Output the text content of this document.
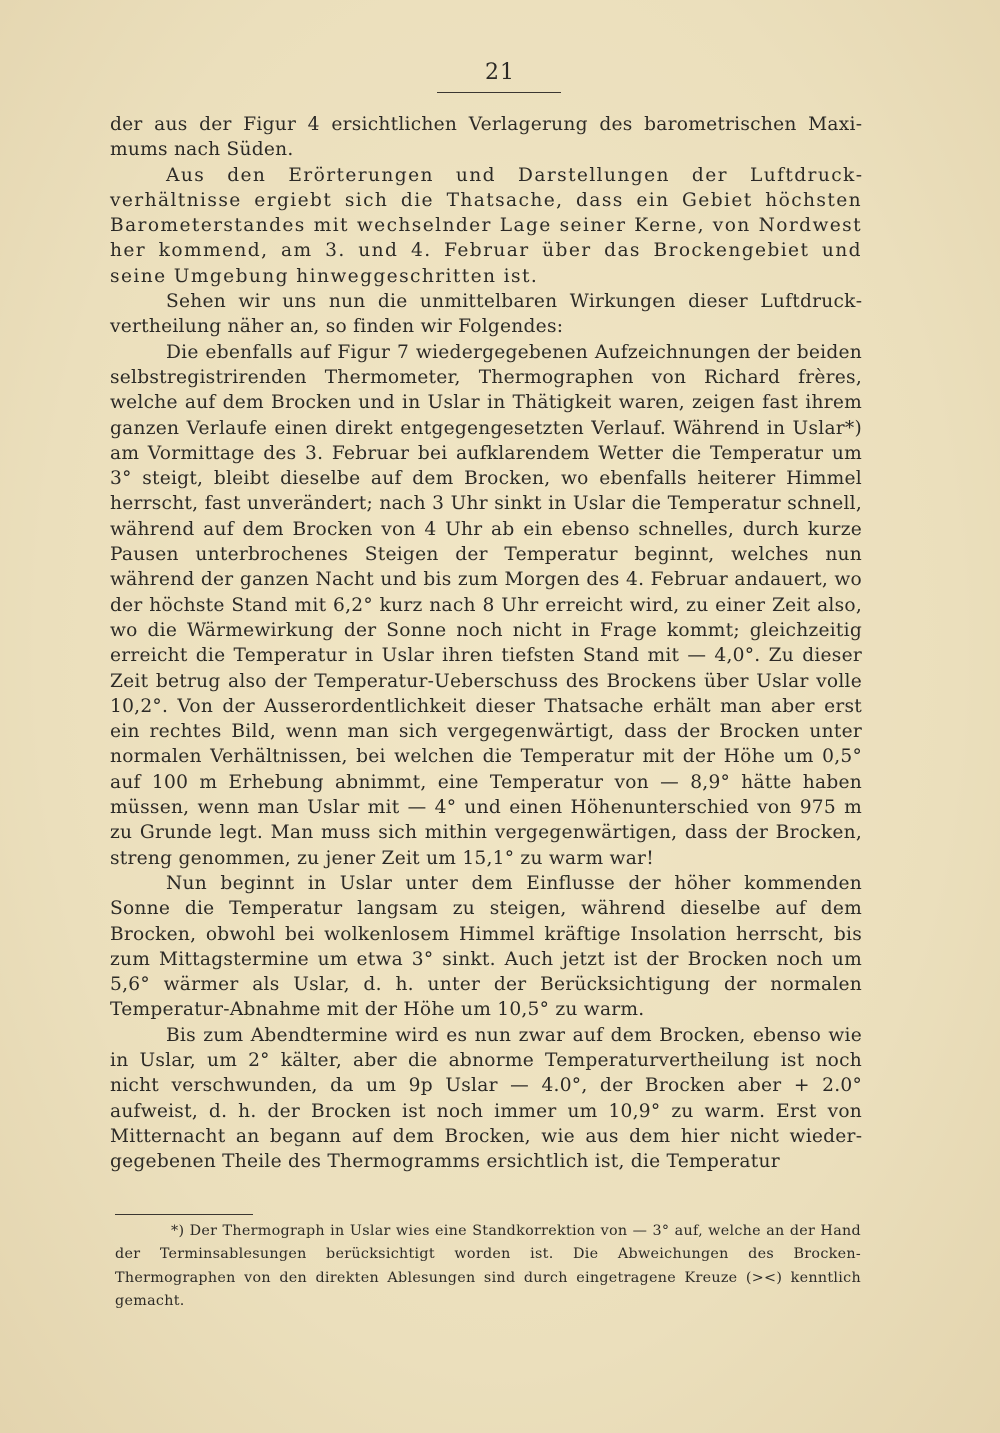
21

der aus der Figur 4 ersichtlichen Verlagerung des barometrischen Maximums nach Süden.

Aus den Erörterungen und Darstellungen der Luftdruckverhältnisse ergiebt sich die Thatsache, dass ein Gebiet höchsten Barometerstandes mit wechselnder Lage seiner Kerne, von Nordwest her kommend, am 3. und 4. Februar über das Brockengebiet und seine Umgebung hinweggeschritten ist.

Sehen wir uns nun die unmittelbaren Wirkungen dieser Luftdruckvertheilung näher an, so finden wir Folgendes:

Die ebenfalls auf Figur 7 wiedergegebenen Aufzeichnungen der beiden selbstregistrirenden Thermometer, Thermographen von Richard frères, welche auf dem Brocken und in Uslar in Thätigkeit waren, zeigen fast ihrem ganzen Verlaufe einen direkt entgegengesetzten Verlauf. Während in Uslar*) am Vormittage des 3. Februar bei aufklarendem Wetter die Temperatur um 3° steigt, bleibt dieselbe auf dem Brocken, wo ebenfalls heiterer Himmel herrscht, fast unverändert; nach 3 Uhr sinkt in Uslar die Temperatur schnell, während auf dem Brocken von 4 Uhr ab ein ebenso schnelles, durch kurze Pausen unterbrochenes Steigen der Temperatur beginnt, welches nun während der ganzen Nacht und bis zum Morgen des 4. Februar andauert, wo der höchste Stand mit 6,2° kurz nach 8 Uhr erreicht wird, zu einer Zeit also, wo die Wärmewirkung der Sonne noch nicht in Frage kommt; gleichzeitig erreicht die Temperatur in Uslar ihren tiefsten Stand mit — 4,0°. Zu dieser Zeit betrug also der Temperatur-Ueberschuss des Brockens über Uslar volle 10,2°. Von der Ausserordentlichkeit dieser Thatsache erhält man aber erst ein rechtes Bild, wenn man sich vergegenwärtigt, dass der Brocken unter normalen Verhältnissen, bei welchen die Temperatur mit der Höhe um 0,5° auf 100 m Erhebung abnimmt, eine Temperatur von — 8,9° hätte haben müssen, wenn man Uslar mit — 4° und einen Höhenunterschied von 975 m zu Grunde legt. Man muss sich mithin vergegenwärtigen, dass der Brocken, streng genommen, zu jener Zeit um 15,1° zu warm war!

Nun beginnt in Uslar unter dem Einflusse der höher kommenden Sonne die Temperatur langsam zu steigen, während dieselbe auf dem Brocken, obwohl bei wolkenlosem Himmel kräftige Insolation herrscht, bis zum Mittagstermine um etwa 3° sinkt. Auch jetzt ist der Brocken noch um 5,6° wärmer als Uslar, d. h. unter der Berücksichtigung der normalen Temperatur-Abnahme mit der Höhe um 10,5° zu warm.

Bis zum Abendtermine wird es nun zwar auf dem Brocken, ebenso wie in Uslar, um 2° kälter, aber die abnorme Temperaturvertheilung ist noch nicht verschwunden, da um 9p Uslar — 4.0°, der Brocken aber + 2.0° aufweist, d. h. der Brocken ist noch immer um 10,9° zu warm. Erst von Mitternacht an begann auf dem Brocken, wie aus dem hier nicht wiedergegebenen Theile des Thermogramms ersichtlich ist, die Temperatur

*) Der Thermograph in Uslar wies eine Standkorrektion von — 3° auf, welche an der Hand der Terminsablesungen berücksichtigt worden ist. Die Abweichungen des Brocken-Thermographen von den direkten Ablesungen sind durch eingetragene Kreuze (><) kenntlich gemacht.
